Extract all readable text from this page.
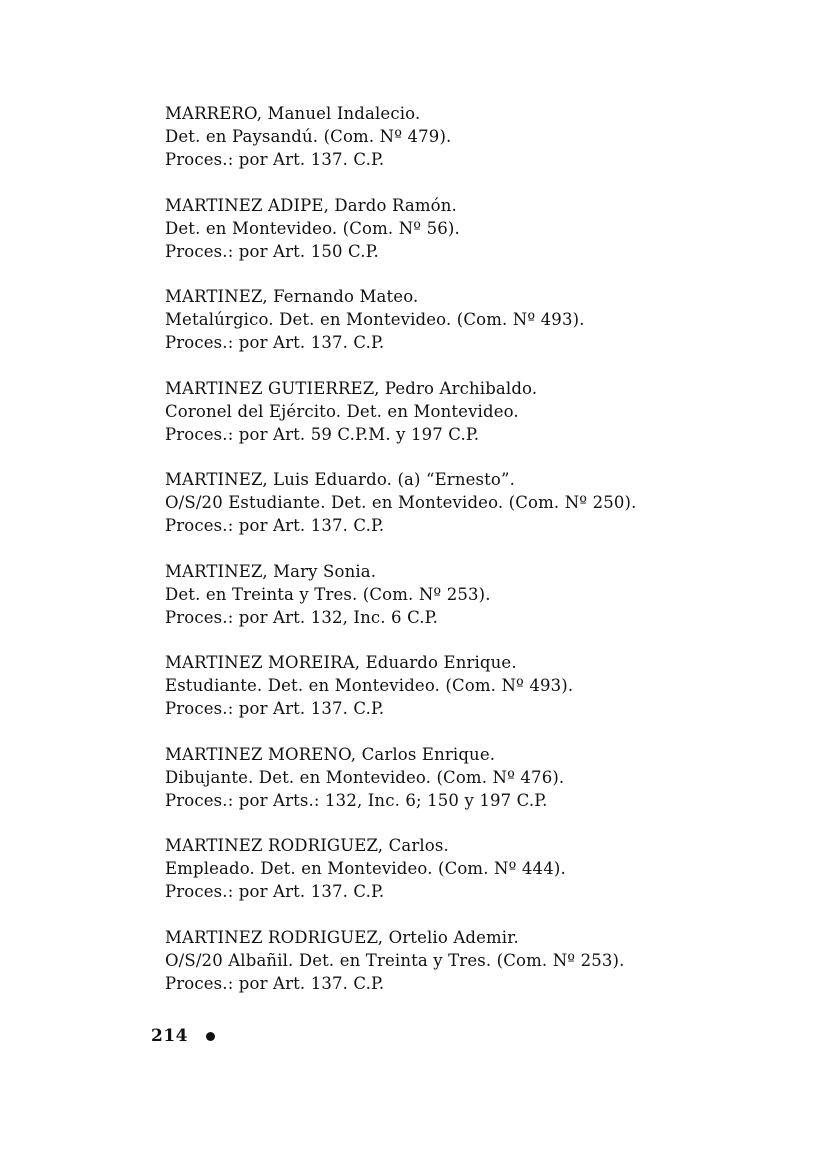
MARRERO, Manuel Indalecio.
Det. en Paysandú. (Com. Nº 479).
Proces.: por Art. 137. C.P.
MARTINEZ ADIPE, Dardo Ramón.
Det. en Montevideo. (Com. Nº 56).
Proces.: por Art. 150 C.P.
MARTINEZ, Fernando Mateo.
Metalúrgico. Det. en Montevideo. (Com. Nº 493).
Proces.: por Art. 137. C.P.
MARTINEZ GUTIERREZ, Pedro Archibaldo.
Coronel del Ejército. Det. en Montevideo.
Proces.: por Art. 59 C.P.M. y 197 C.P.
MARTINEZ, Luis Eduardo. (a) “Ernesto”.
O/S/20 Estudiante. Det. en Montevideo. (Com. Nº 250).
Proces.: por Art. 137. C.P.
MARTINEZ, Mary Sonia.
Det. en Treinta y Tres. (Com. Nº 253).
Proces.: por Art. 132, Inc. 6 C.P.
MARTINEZ MOREIRA, Eduardo Enrique.
Estudiante. Det. en Montevideo. (Com. Nº 493).
Proces.: por Art. 137. C.P.
MARTINEZ MORENO, Carlos Enrique.
Dibujante. Det. en Montevideo. (Com. Nº 476).
Proces.: por Arts.: 132, Inc. 6; 150 y 197 C.P.
MARTINEZ RODRIGUEZ, Carlos.
Empleado. Det. en Montevideo. (Com. Nº 444).
Proces.: por Art. 137. C.P.
MARTINEZ RODRIGUEZ, Ortelio Ademir.
O/S/20 Albañil. Det. en Treinta y Tres. (Com. Nº 253).
Proces.: por Art. 137. C.P.
214
